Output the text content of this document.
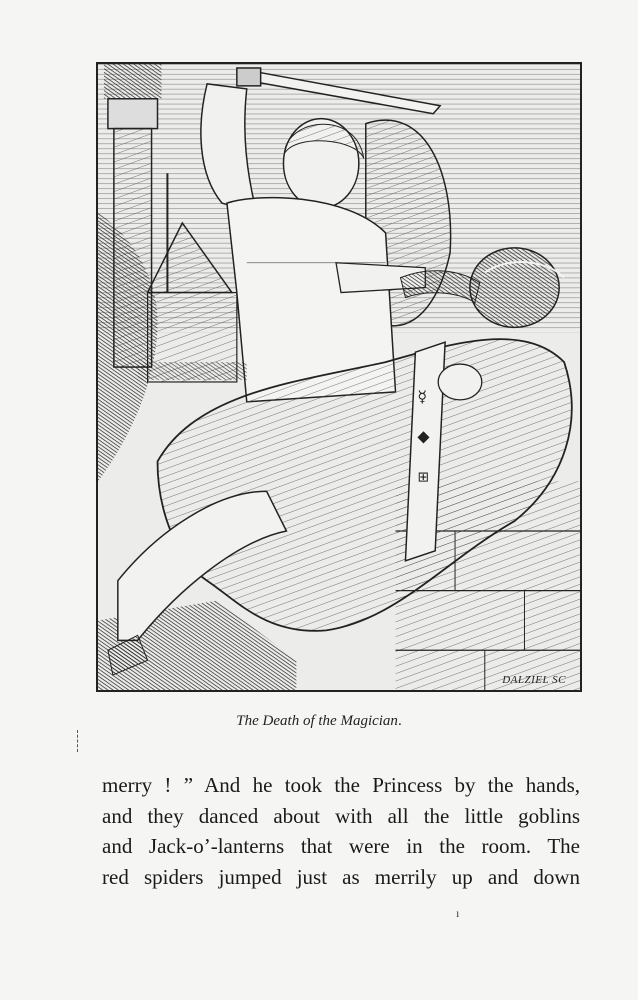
☿
◆
⊞
DALZIEL SC
The Death of the Magician.
merry ! ” And he took the Princess by the hands,
and they danced about with all the little goblins
and Jack-o’-lanterns that were in the room. The
red spiders jumped just as merrily up and down
ı
